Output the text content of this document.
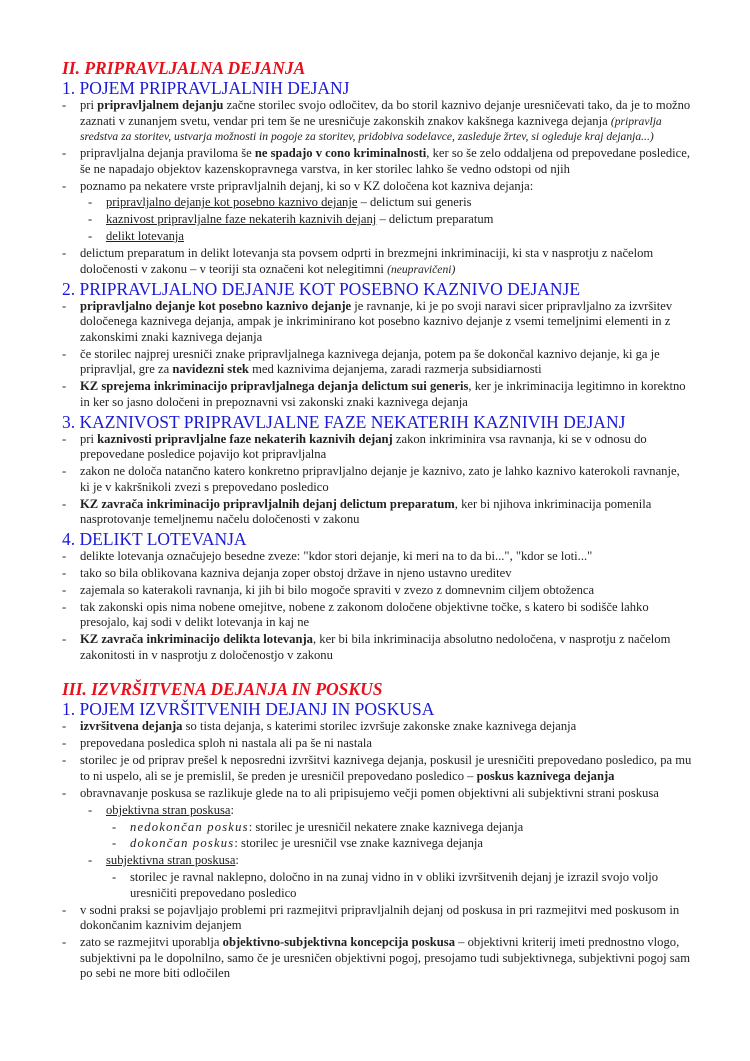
II. PRIPRAVLJALNA DEJANJA
1. POJEM PRIPRAVLJALNIH DEJANJ
- pri pripravljalnem dejanju začne storilec svojo odločitev, da bo storil kaznivo dejanje uresničevati tako, da je to možno zaznati v zunanjem svetu, vendar pri tem še ne uresničuje zakonskih znakov kakšnega kaznivega dejanja (pripravlja sredstva za storitev, ustvarja možnosti in pogoje za storitev, pridobiva sodelavce, zasleduje žrtev, si ogleduje kraj dejanja...)
- pripravljalna dejanja praviloma še ne spadajo v cono kriminalnosti, ker so še zelo oddaljena od prepovedane posledice, še ne napadajo objektov kazenskopravnega varstva, in ker storilec lahko še vedno odstopi od njih
- poznamo pa nekatere vrste pripravljalnih dejanj, ki so v KZ določena kot kazniva dejanja:
- pripravljalno dejanje kot posebno kaznivo dejanje – delictum sui generis
- kaznivost pripravljalne faze nekaterih kaznivih dejanj – delictum preparatum
- delikt lotevanja
- delictum preparatum in delikt lotevanja sta povsem odprti in brezmejni inkriminaciji, ki sta v nasprotju z načelom določenosti v zakonu – v teoriji sta označeni kot nelegitimni (neupravičeni)
2. PRIPRAVLJALNO DEJANJE KOT POSEBNO KAZNIVO DEJANJE
- pripravljalno dejanje kot posebno kaznivo dejanje je ravnanje, ki je po svoji naravi sicer pripravljalno za izvršitev določenega kaznivega dejanja, ampak je inkriminirano kot posebno kaznivo dejanje z vsemi temeljnimi elementi in z zakonskimi znaki kaznivega dejanja
- če storilec najprej uresniči znake pripravljalnega kaznivega dejanja, potem pa še dokončal kaznivo dejanje, ki ga je pripravljal, gre za navidezni stek med kaznivima dejanjema, zaradi razmerja subsidiarnosti
- KZ sprejema inkriminacijo pripravljalnega dejanja delictum sui generis, ker je inkriminacija legitimno in korektno in ker so jasno določeni in prepoznavni vsi zakonski znaki kaznivega dejanja
3. KAZNIVOST PRIPRAVLJALNE FAZE NEKATERIH KAZNIVIH DEJANJ
- pri kaznivosti pripravljalne faze nekaterih kaznivih dejanj zakon inkriminira vsa ravnanja, ki se v odnosu do prepovedane posledice pojavijo kot pripravljalna
- zakon ne določa natančno katero konkretno pripravljalno dejanje je kaznivo, zato je lahko kaznivo katerokoli ravnanje, ki je v kakršnikoli zvezi s prepovedano posledico
- KZ zavrača inkriminacijo pripravljalnih dejanj delictum preparatum, ker bi njihova inkriminacija pomenila nasprotovanje temeljnemu načelu določenosti v zakonu
4. DELIKT LOTEVANJA
- delikte lotevanja označujejo besedne zveze: "kdor stori dejanje, ki meri na to da bi...", "kdor se loti..."
- tako so bila oblikovana kazniva dejanja zoper obstoj države in njeno ustavno ureditev
- zajemala so katerakoli ravnanja, ki jih bi bilo mogoče spraviti v zvezo z domnevnim ciljem obtoženca
- tak zakonski opis nima nobene omejitve, nobene z zakonom določene objektivne točke, s katero bi sodišče lahko presojalo, kaj sodi v delikt lotevanja in kaj ne
- KZ zavrača inkriminacijo delikta lotevanja, ker bi bila inkriminacija absolutno nedoločena, v nasprotju z načelom zakonitosti in v nasprotju z določenostjo v zakonu
III. IZVRŠITVENA DEJANJA IN POSKUS
1. POJEM IZVRŠITVENIH DEJANJ IN POSKUSA
- izvršitvena dejanja so tista dejanja, s katerimi storilec izvršuje zakonske znake kaznivega dejanja
- prepovedana posledica sploh ni nastala ali pa še ni nastala
- storilec je od priprav prešel k neposredni izvršitvi kaznivega dejanja, poskusil je uresničiti prepovedano posledico, pa mu to ni uspelo, ali se je premislil, še preden je uresničil prepovedano posledico – poskus kaznivega dejanja
- obravnavanje poskusa se razlikuje glede na to ali pripisujemo večji pomen objektivni ali subjektivni strani poskusa
- objektivna stran poskusa:
- nedokončan poskus: storilec je uresničil nekatere znake kaznivega dejanja
- dokončan poskus: storilec je uresničil vse znake kaznivega dejanja
- subjektivna stran poskusa:
- storilec je ravnal naklepno, določno in na zunaj vidno in v obliki izvršitvenih dejanj je izrazil svojo voljo uresničiti prepovedano posledico
- v sodni praksi se pojavljajo problemi pri razmejitvi pripravljalnih dejanj od poskusa in pri razmejitvi med poskusom in dokončanim kaznivim dejanjem
- zato se razmejitvi uporablja objektivno-subjektivna koncepcija poskusa – objektivni kriterij imeti prednostno vlogo, subjektivni pa le dopolnilno, samo če je uresničen objektivni pogoj, presojamo tudi subjektivnega, subjektivni pogoj sam po sebi ne more biti odločilen
